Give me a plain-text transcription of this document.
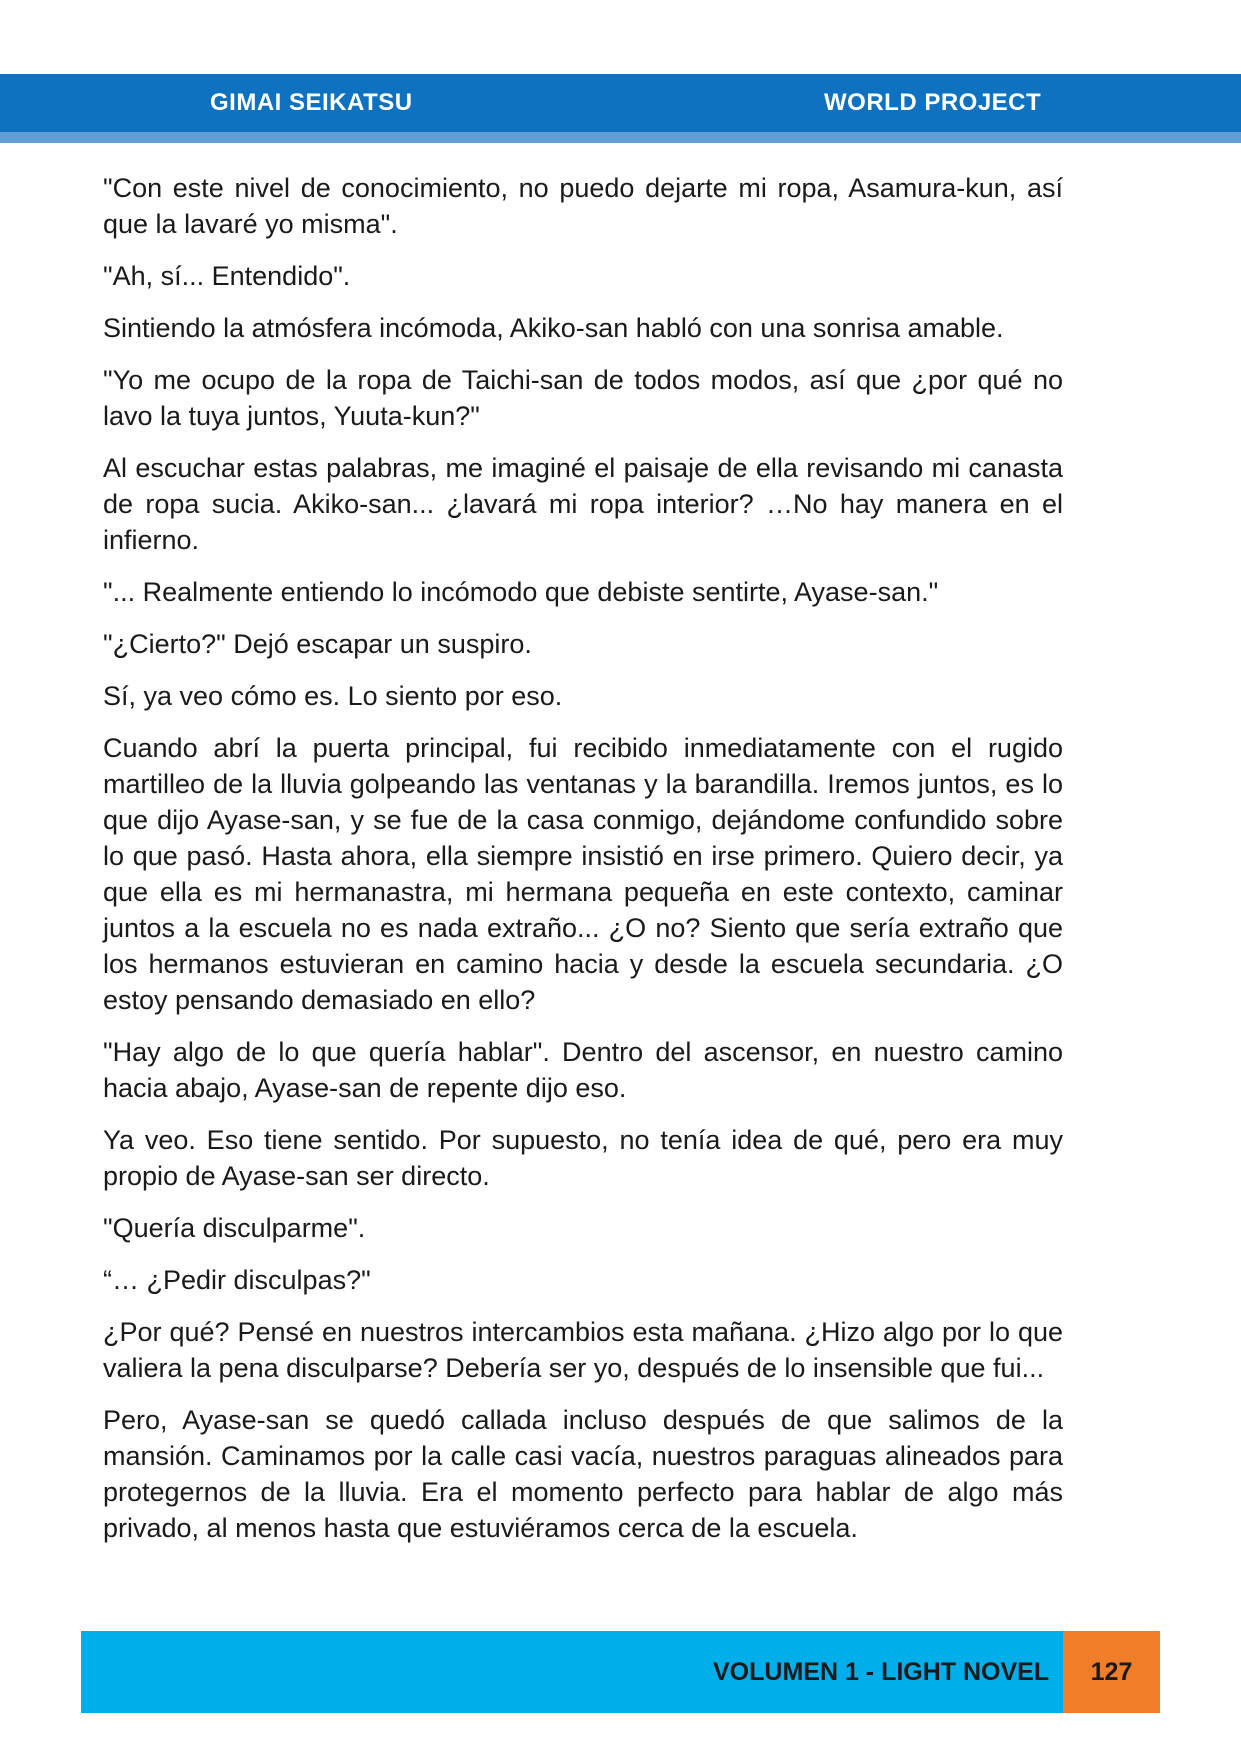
GIMAI SEIKATSU	WORLD PROJECT

"Con este nivel de conocimiento, no puedo dejarte mi ropa, Asamura-kun, así que la lavaré yo misma".

"Ah, sí... Entendido".

Sintiendo la atmósfera incómoda, Akiko-san habló con una sonrisa amable.

"Yo me ocupo de la ropa de Taichi-san de todos modos, así que ¿por qué no lavo la tuya juntos, Yuuta-kun?"

Al escuchar estas palabras, me imaginé el paisaje de ella revisando mi canasta de ropa sucia. Akiko-san... ¿lavará mi ropa interior? …No hay manera en el infierno.

"... Realmente entiendo lo incómodo que debiste sentirte, Ayase-san."

"¿Cierto?" Dejó escapar un suspiro.

Sí, ya veo cómo es. Lo siento por eso.

Cuando abrí la puerta principal, fui recibido inmediatamente con el rugido martilleo de la lluvia golpeando las ventanas y la barandilla. Iremos juntos, es lo que dijo Ayase-san, y se fue de la casa conmigo, dejándome confundido sobre lo que pasó. Hasta ahora, ella siempre insistió en irse primero. Quiero decir, ya que ella es mi hermanastra, mi hermana pequeña en este contexto, caminar juntos a la escuela no es nada extraño... ¿O no? Siento que sería extraño que los hermanos estuvieran en camino hacia y desde la escuela secundaria. ¿O estoy pensando demasiado en ello?

"Hay algo de lo que quería hablar". Dentro del ascensor, en nuestro camino hacia abajo, Ayase-san de repente dijo eso.

Ya veo. Eso tiene sentido. Por supuesto, no tenía idea de qué, pero era muy propio de Ayase-san ser directo.

"Quería disculparme".

“… ¿Pedir disculpas?"

¿Por qué? Pensé en nuestros intercambios esta mañana. ¿Hizo algo por lo que valiera la pena disculparse? Debería ser yo, después de lo insensible que fui...

Pero, Ayase-san se quedó callada incluso después de que salimos de la mansión. Caminamos por la calle casi vacía, nuestros paraguas alineados para protegernos de la lluvia. Era el momento perfecto para hablar de algo más privado, al menos hasta que estuviéramos cerca de la escuela.

VOLUMEN 1 - LIGHT NOVEL	127
